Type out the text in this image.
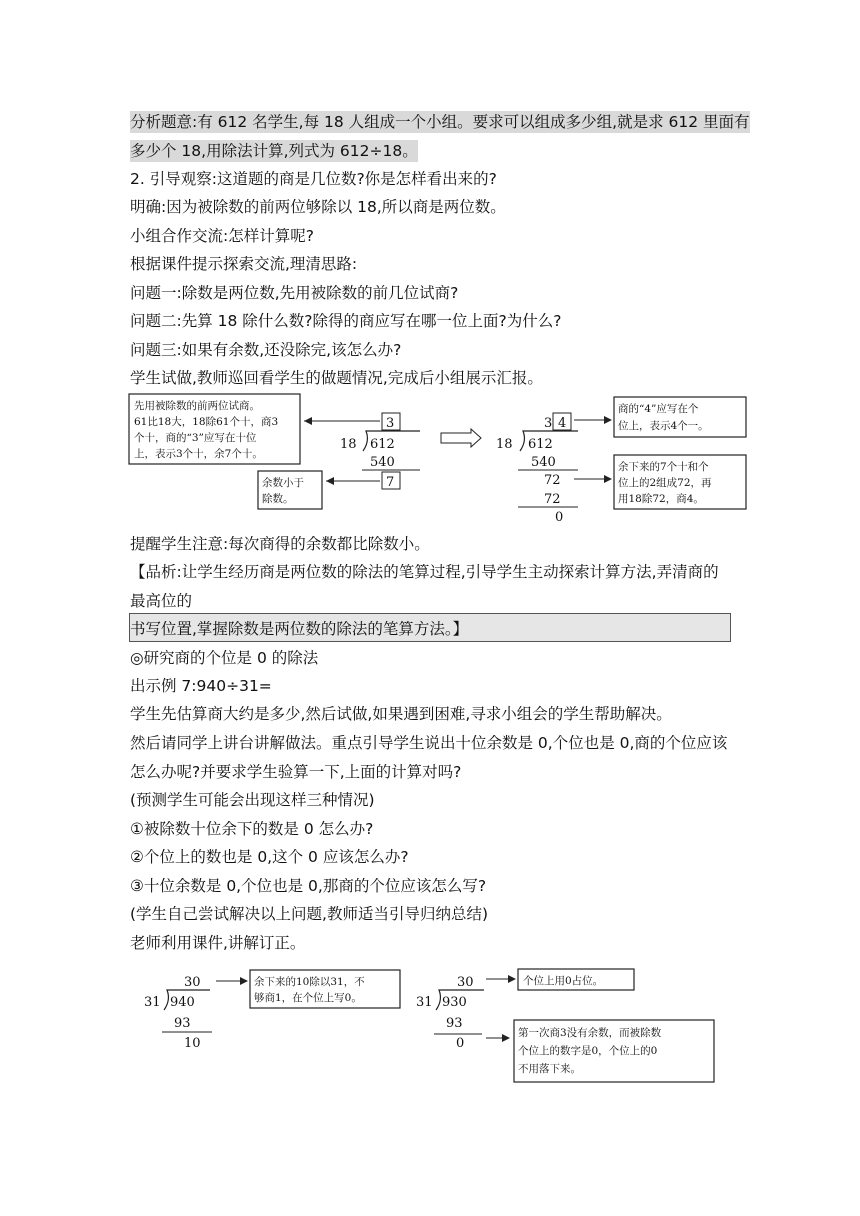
分析题意:有 612 名学生,每 18 人组成一个小组。要求可以组成多少组,就是求 612 里面有
多少个 18,用除法计算,列式为 612÷18。
2. 引导观察:这道题的商是几位数?你是怎样看出来的?
明确:因为被除数的前两位够除以 18,所以商是两位数。
小组合作交流:怎样计算呢?
根据课件提示探索交流,理清思路:
问题一:除数是两位数,先用被除数的前几位试商?
问题二:先算 18 除什么数?除得的商应写在哪一位上面?为什么?
问题三:如果有余数,还没除完,该怎么办?
学生试做,教师巡回看学生的做题情况,完成后小组展示汇报。
先用被除数的前两位试商。
61比18大，18除61个十，商3
个十，商的“3”应写在十位
上，表示3个十，余7个十。
3
18 612
540
7
余数小于
除数。
3 4
18 612
540
72
72
0
商的“4”应写在个
位上，表示4个一。
余下来的7个十和个
位上的2组成72，再
用18除72，商4。
提醒学生注意:每次商得的余数都比除数小。
【品析:让学生经历商是两位数的除法的笔算过程,引导学生主动探索计算方法,弄清商的
最高位的
书写位置,掌握除数是两位数的除法的笔算方法。】
◎研究商的个位是 0 的除法
出示例 7:940÷31=
学生先估算商大约是多少,然后试做,如果遇到困难,寻求小组会的学生帮助解决。
然后请同学上讲台讲解做法。重点引导学生说出十位余数是 0,个位也是 0,商的个位应该
怎么办呢?并要求学生验算一下,上面的计算对吗?
(预测学生可能会出现这样三种情况)
①被除数十位余下的数是 0 怎么办?
②个位上的数也是 0,这个 0 应该怎么办?
③十位余数是 0,个位也是 0,那商的个位应该怎么写?
(学生自己尝试解决以上问题,教师适当引导归纳总结)
老师利用课件,讲解订正。
30
31 940
93
10
余下来的10除以31，不
够商1，在个位上写0。
30
31 930
93
0
个位上用0占位。
第一次商3没有余数，而被除数
个位上的数字是0，个位上的0
不用落下来。
